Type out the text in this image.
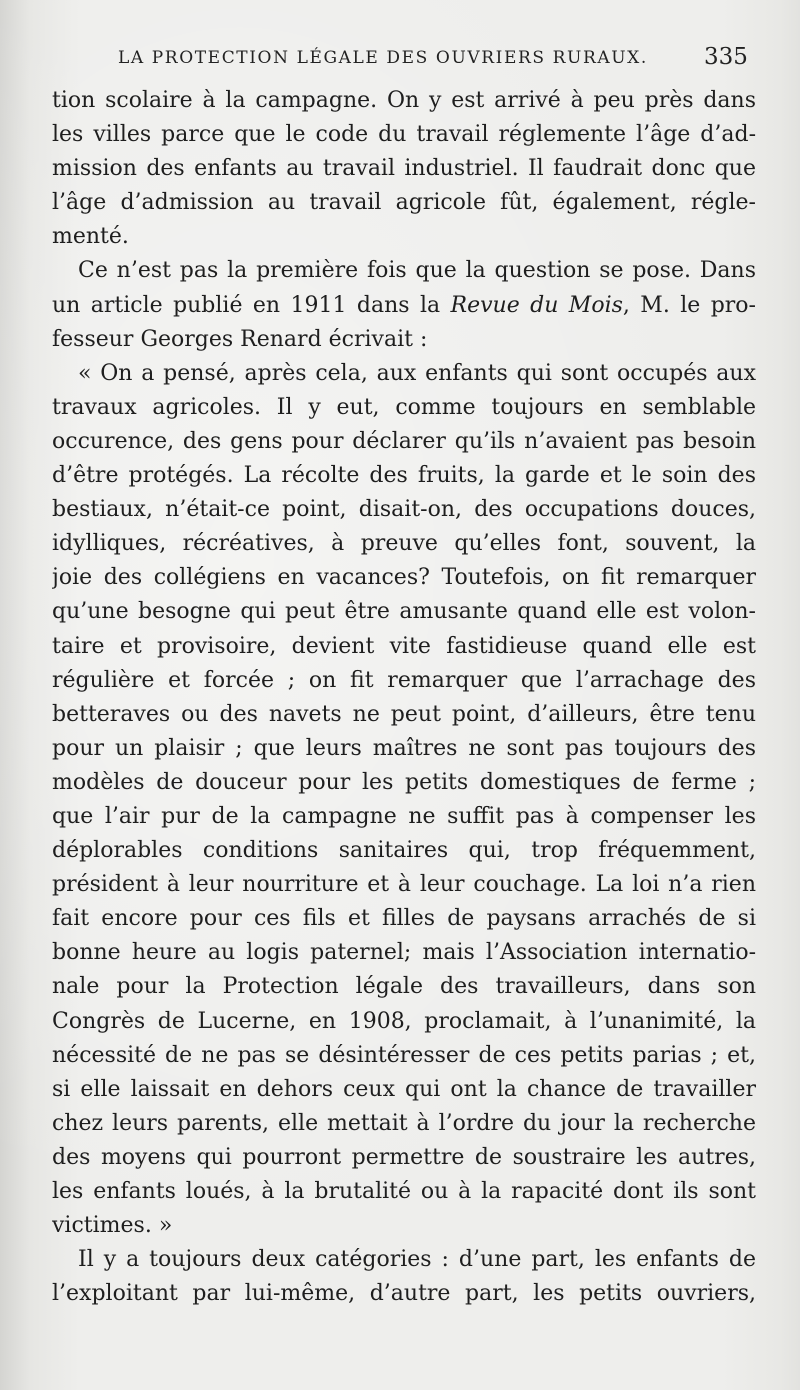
LA PROTECTION LÉGALE DES OUVRIERS RURAUX. 335
tion scolaire à la campagne. On y est arrivé à peu près dans
les villes parce que le code du travail réglemente l’âge d’ad-
mission des enfants au travail industriel. Il faudrait donc que
l’âge d’admission au travail agricole fût, également, régle-
menté.
Ce n’est pas la première fois que la question se pose. Dans
un article publié en 1911 dans la Revue du Mois, M. le pro-
fesseur Georges Renard écrivait :
« On a pensé, après cela, aux enfants qui sont occupés aux
travaux agricoles. Il y eut, comme toujours en semblable
occurence, des gens pour déclarer qu’ils n’avaient pas besoin
d’être protégés. La récolte des fruits, la garde et le soin des
bestiaux, n’était-ce point, disait-on, des occupations douces,
idylliques, récréatives, à preuve qu’elles font, souvent, la
joie des collégiens en vacances? Toutefois, on fit remarquer
qu’une besogne qui peut être amusante quand elle est volon-
taire et provisoire, devient vite fastidieuse quand elle est
régulière et forcée ; on fit remarquer que l’arrachage des
betteraves ou des navets ne peut point, d’ailleurs, être tenu
pour un plaisir ; que leurs maîtres ne sont pas toujours des
modèles de douceur pour les petits domestiques de ferme ;
que l’air pur de la campagne ne suffit pas à compenser les
déplorables conditions sanitaires qui, trop fréquemment,
président à leur nourriture et à leur couchage. La loi n’a rien
fait encore pour ces fils et filles de paysans arrachés de si
bonne heure au logis paternel; mais l’Association internatio-
nale pour la Protection légale des travailleurs, dans son
Congrès de Lucerne, en 1908, proclamait, à l’unanimité, la
nécessité de ne pas se désintéresser de ces petits parias ; et,
si elle laissait en dehors ceux qui ont la chance de travailler
chez leurs parents, elle mettait à l’ordre du jour la recherche
des moyens qui pourront permettre de soustraire les autres,
les enfants loués, à la brutalité ou à la rapacité dont ils sont
victimes. »
Il y a toujours deux catégories : d’une part, les enfants de
l’exploitant par lui-même, d’autre part, les petits ouvriers,
